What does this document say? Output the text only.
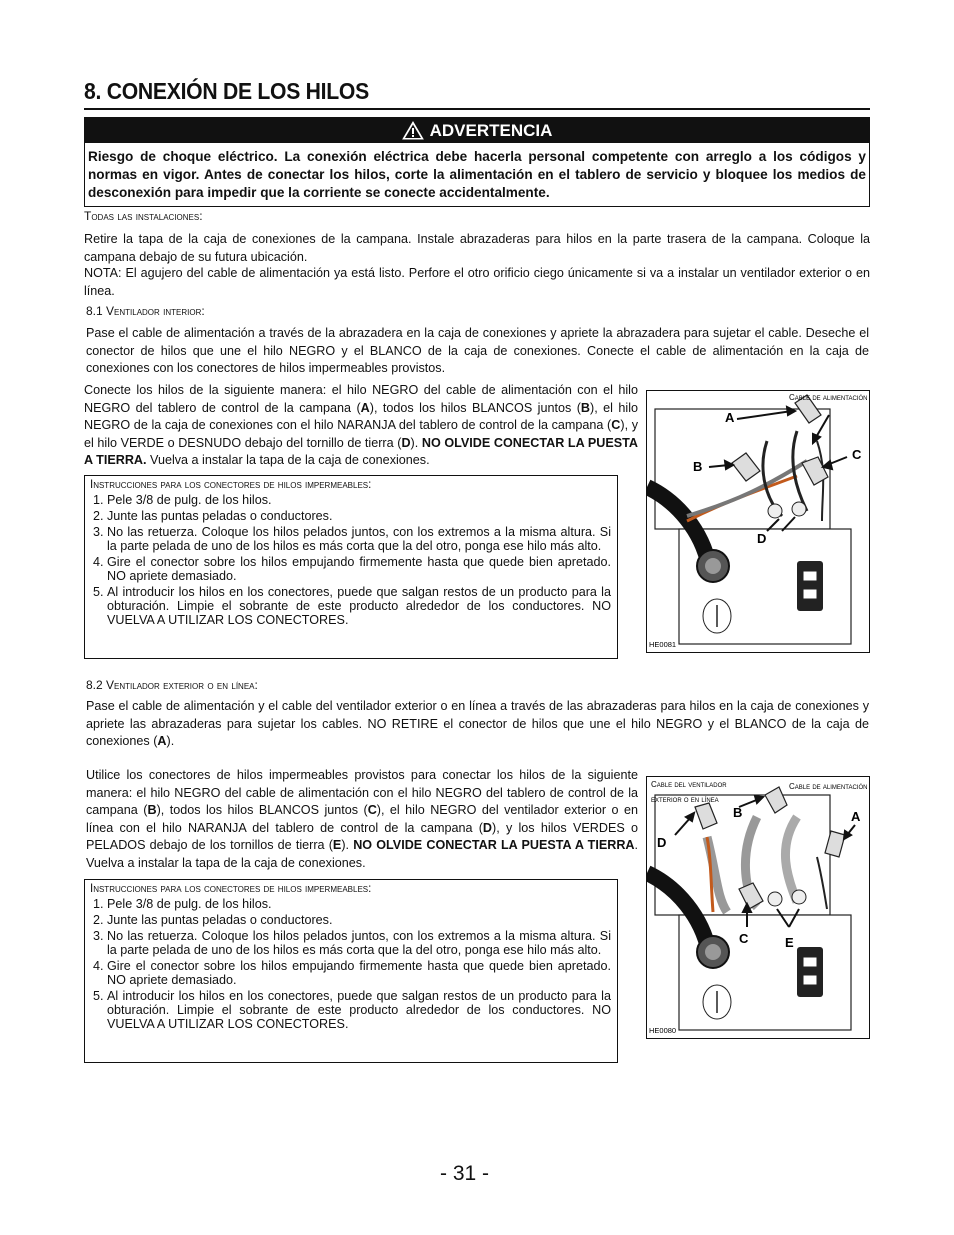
8. CONEXIÓN DE LOS HILOS
ADVERTENCIA
Riesgo de choque eléctrico. La conexión eléctrica debe hacerla personal competente con arreglo a los códigos y normas en vigor. Antes de conectar los hilos, corte la alimentación en el tablero de servicio y bloquee los medios de desconexión para impedir que la corriente se conecte accidentalmente.
Todas las instalaciones:
Retire la tapa de la caja de conexiones de la campana. Instale abrazaderas para hilos en la parte trasera de la campana. Coloque la campana debajo de su futura ubicación.
NOTA: El agujero del cable de alimentación ya está listo. Perfore el otro orificio ciego únicamente si va a instalar un ventilador exterior o en línea.
8.1 Ventilador interior:
Pase el cable de alimentación a través de la abrazadera en la caja de conexiones y apriete la abrazadera para sujetar el cable. Deseche el conector de hilos que une el hilo NEGRO y el BLANCO de la caja de conexiones. Conecte el cable de alimentación en la caja de conexiones con los conectores de hilos impermeables provistos.
Conecte los hilos de la siguiente manera: el hilo NEGRO del cable de alimentación con el hilo NEGRO del tablero de control de la campana (A), todos los hilos BLANCOS juntos (B), el hilo NEGRO de la caja de conexiones con el hilo NARANJA del tablero de control de la campana (C), y el hilo VERDE o DESNUDO debajo del tornillo de tierra (D). NO OLVIDE CONECTAR LA PUESTA A TIERRA. Vuelva a instalar la tapa de la caja de conexiones.
Instrucciones para los conectores de hilos impermeables:
1. Pele 3/8 de pulg. de los hilos.
2. Junte las puntas peladas o conductores.
3. No las retuerza. Coloque los hilos pelados juntos, con los extremos a la misma altura. Si la parte pelada de uno de los hilos es más corta que la del otro, ponga ese hilo más alto.
4. Gire el conector sobre los hilos empujando firmemente hasta que quede bien apretado. NO apriete demasiado.
5. Al introducir los hilos en los conectores, puede que salgan restos de un producto para la obturación. Limpie el sobrante de este producto alrededor de los conductores. NO VUELVA A UTILIZAR LOS CONECTORES.
Cable de alimentación
A
B
C
D
HE0081
8.2 Ventilador exterior o en línea:
Pase el cable de alimentación y el cable del ventilador exterior o en línea a través de las abrazaderas para hilos en la caja de conexiones y apriete las abrazaderas para sujetar los cables. NO RETIRE el conector de hilos que une el hilo NEGRO y el BLANCO de la caja de conexiones (A).
Utilice los conectores de hilos impermeables provistos para conectar los hilos de la siguiente manera: el hilo NEGRO del cable de alimentación con el hilo NEGRO del tablero de control de la campana (B), todos los hilos BLANCOS juntos (C), el hilo NEGRO del ventilador exterior o en línea con el hilo NARANJA del tablero de control de la campana (D), y los hilos VERDES o PELADOS debajo de los tornillos de tierra (E). NO OLVIDE CONECTAR LA PUESTA A TIERRA. Vuelva a instalar la tapa de la caja de conexiones.
Instrucciones para los conectores de hilos impermeables:
1. Pele 3/8 de pulg. de los hilos.
2. Junte las puntas peladas o conductores.
3. No las retuerza. Coloque los hilos pelados juntos, con los extremos a la misma altura. Si la parte pelada de uno de los hilos es más corta que la del otro, ponga ese hilo más alto.
4. Gire el conector sobre los hilos empujando firmemente hasta que quede bien apretado. NO apriete demasiado.
5. Al introducir los hilos en los conectores, puede que salgan restos de un producto para la obturación. Limpie el sobrante de este producto alrededor de los conductores. NO VUELVA A UTILIZAR LOS CONECTORES.
Cable del ventilador
exterior o en línea
Cable de alimentación
A
B
C
D
E
HE0080
- 31 -
